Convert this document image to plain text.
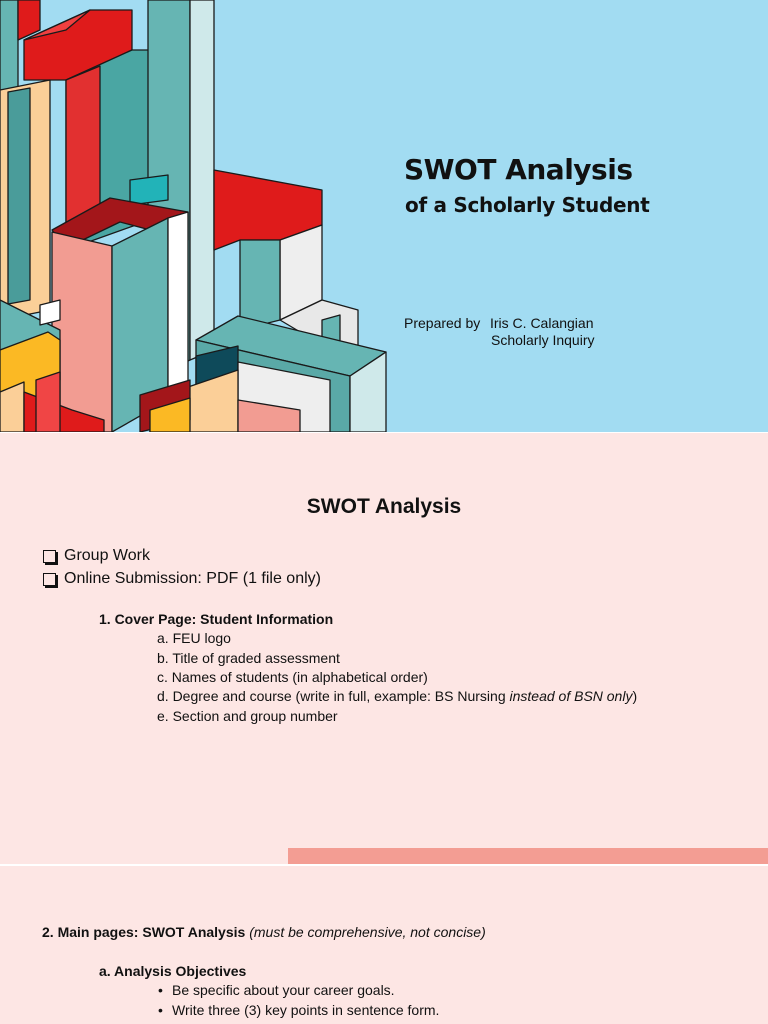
SWOT Analysis
of a Scholarly Student
Prepared by Iris C. Calangian
Scholarly Inquiry
SWOT Analysis
Group Work
Online Submission: PDF (1 file only)
1. Cover Page: Student Information
a. FEU logo
b. Title of graded assessment
c. Names of students (in alphabetical order)
d. Degree and course (write in full, example: BS Nursing instead of BSN only)
e. Section and group number
2. Main pages: SWOT Analysis (must be comprehensive, not concise)
a. Analysis Objectives
• Be specific about your career goals.
• Write three (3) key points in sentence form.
